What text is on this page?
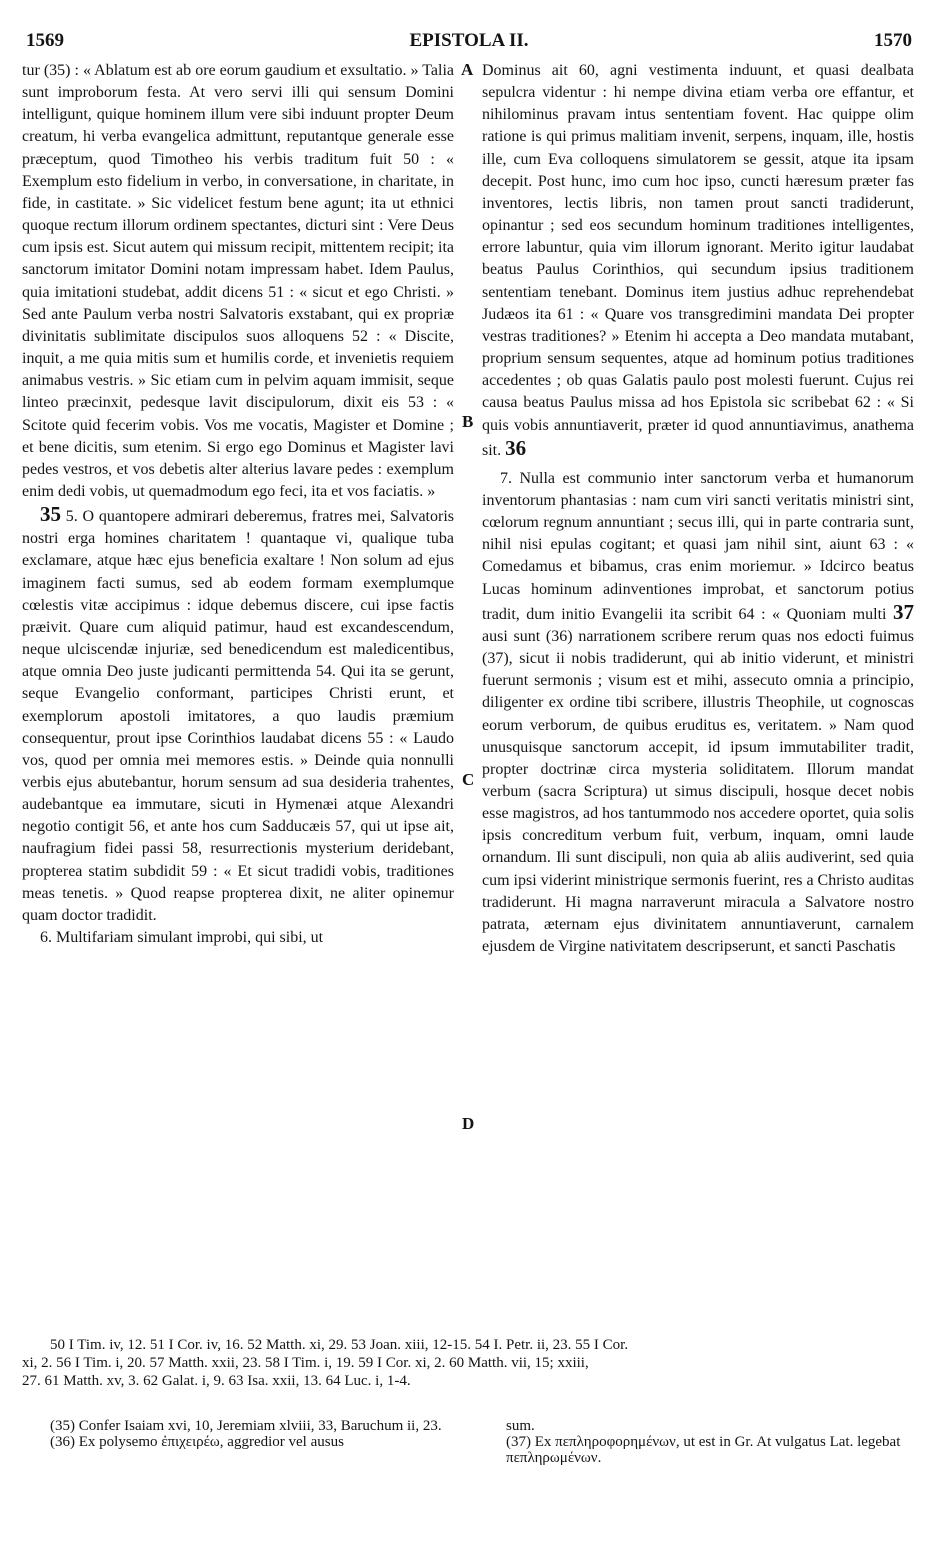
1569	EPISTOLA II.	1570

tur (35) : « Ablatum est ab ore eorum gaudium et exsultatio. » Talia sunt improborum festa. At vero servi illi qui sensum Domini intelligunt, quique hominem illum vere sibi induunt propter Deum creatum, hi verba evangelica admittunt, reputantque generale esse præceptum, quod Timotheo his verbis traditum fuit 50 : « Exemplum esto fidelium in verbo, in conversatione, in charitate, in fide, in castitate. » Sic videlicet festum bene agunt; ita ut ethnici quoque rectum illorum ordinem spectantes, dicturi sint : Vere Deus cum ipsis est. Sicut autem qui missum recipit, mittentem recipit; ita sanctorum imitator Domini notam impressam habet. Idem Paulus, quia imitationi studebat, addit dicens 51 : « sicut et ego Christi. » Sed ante Paulum verba nostri Salvatoris exstabant, qui ex propriæ divinitatis sublimitate discipulos suos alloquens 52 : « Discite, inquit, a me quia mitis sum et humilis corde, et invenietis requiem animabus vestris. » Sic etiam cum in pelvim aquam immisit, seque linteo præcinxit, pedesque lavit discipulorum, dixit eis 53 : « Scitote quid fecerim vobis. Vos me vocatis, Magister et Domine ; et bene dicitis, sum etenim. Si ergo ego Dominus et Magister lavi pedes vestros, et vos debetis alter alterius lavare pedes : exemplum enim dedi vobis, ut quemadmodum ego feci, ita et vos faciatis. »

35 5. O quantopere admirari deberemus, fratres mei, Salvatoris nostri erga homines charitatem ! quantaque vi, qualique tuba exclamare, atque hæc ejus beneficia exaltare ! Non solum ad ejus imaginem facti sumus, sed ab eodem formam exemplumque cœlestis vitæ accipimus : idque debemus discere, cui ipse factis præivit. Quare cum aliquid patimur, haud est excandescendum, neque ulciscendæ injuriæ, sed benedicendum est maledicentibus, atque omnia Deo juste judicanti permittenda 54. Qui ita se gerunt, seque Evangelio conformant, participes Christi erunt, et exemplorum apostoli imitatores, a quo laudis præmium consequentur, prout ipse Corinthios laudabat dicens 55 : « Laudo vos, quod per omnia mei memores estis. » Deinde quia nonnulli verbis ejus abutebantur, horum sensum ad sua desideria trahentes, audebantque ea immutare, sicuti in Hymenæi atque Alexandri negotio contigit 56, et ante hos cum Sadducæis 57, qui ut ipse ait, naufragium fidei passi 58, resurrectionis mysterium deridebant, propterea statim subdidit 59 : « Et sicut tradidi vobis, traditiones meas tenetis. » Quod reapse propterea dixit, ne aliter opinemur quam doctor tradidit.

6. Multifariam simulant improbi, qui sibi, ut

A
B
C
D

Dominus ait 60, agni vestimenta induunt, et quasi dealbata sepulcra videntur : hi nempe divina etiam verba ore effantur, et nihilominus pravam intus sententiam fovent. Hac quippe olim ratione is qui primus malitiam invenit, serpens, inquam, ille, hostis ille, cum Eva colloquens simulatorem se gessit, atque ita ipsam decepit. Post hunc, imo cum hoc ipso, cuncti hæresum præter fas inventores, lectis libris, non tamen prout sancti tradiderunt, opinantur ; sed eos secundum hominum traditiones intelligentes, errore labuntur, quia vim illorum ignorant. Merito igitur laudabat beatus Paulus Corinthios, qui secundum ipsius traditionem sententiam tenebant. Dominus item justius adhuc reprehendebat Judæos ita 61 : « Quare vos transgredimini mandata Dei propter vestras traditiones? » Etenim hi accepta a Deo mandata mutabant, proprium sensum sequentes, atque ad hominum potius traditiones accedentes ; ob quas Galatis paulo post molesti fuerunt. Cujus rei causa beatus Paulus missa ad hos Epistola sic scribebat 62 : « Si quis vobis annuntiaverit, præter id quod annuntiavimus, anathema sit. 36

7. Nulla est communio inter sanctorum verba et humanorum inventorum phantasias : nam cum viri sancti veritatis ministri sint, cœlorum regnum annuntiant ; secus illi, qui in parte contraria sunt, nihil nisi epulas cogitant; et quasi jam nihil sint, aiunt 63 : « Comedamus et bibamus, cras enim moriemur. » Idcirco beatus Lucas hominum adinventiones improbat, et sanctorum potius tradit, dum initio Evangelii ita scribit 64 : « Quoniam multi 37 ausi sunt (36) narrationem scribere rerum quas nos edocti fuimus (37), sicut ii nobis tradiderunt, qui ab initio viderunt, et ministri fuerunt sermonis ; visum est et mihi, assecuto omnia a principio, diligenter ex ordine tibi scribere, illustris Theophile, ut cognoscas eorum verborum, de quibus eruditus es, veritatem. » Nam quod unusquisque sanctorum accepit, id ipsum immutabiliter tradit, propter doctrinæ circa mysteria soliditatem. Illorum mandat verbum (sacra Scriptura) ut simus discipuli, hosque decet nobis esse magistros, ad hos tantummodo nos accedere oportet, quia solis ipsis concreditum verbum fuit, verbum, inquam, omni laude ornandum. Ili sunt discipuli, non quia ab aliis audiverint, sed quia cum ipsi viderint ministrique sermonis fuerint, res a Christo auditas tradiderunt. Hi magna narraverunt miracula a Salvatore nostro patrata, æternam ejus divinitatem annuntiaverunt, carnalem ejusdem de Virgine nativitatem descripserunt, et sancti Paschatis

50 I Tim. iv, 12. 51 I Cor. iv, 16. 52 Matth. xi, 29. 53 Joan. xiii, 12-15. 54 I. Petr. ii, 23. 55 I Cor.
xi, 2. 56 I Tim. i, 20. 57 Matth. xxii, 23. 58 I Tim. i, 19. 59 I Cor. xi, 2. 60 Matth. vii, 15; xxiii,
27. 61 Matth. xv, 3. 62 Galat. i, 9. 63 Isa. xxii, 13. 64 Luc. i, 1-4.

(35) Confer Isaiam xvi, 10, Jeremiam xlviii, 33, Baruchum ii, 23.

(36) Ex polysemo ἐπιχειρέω, aggredior vel ausus

sum.

(37) Ex πεπληροφορημένων, ut est in Gr. At vulgatus Lat. legebat πεπληρωμένων.
